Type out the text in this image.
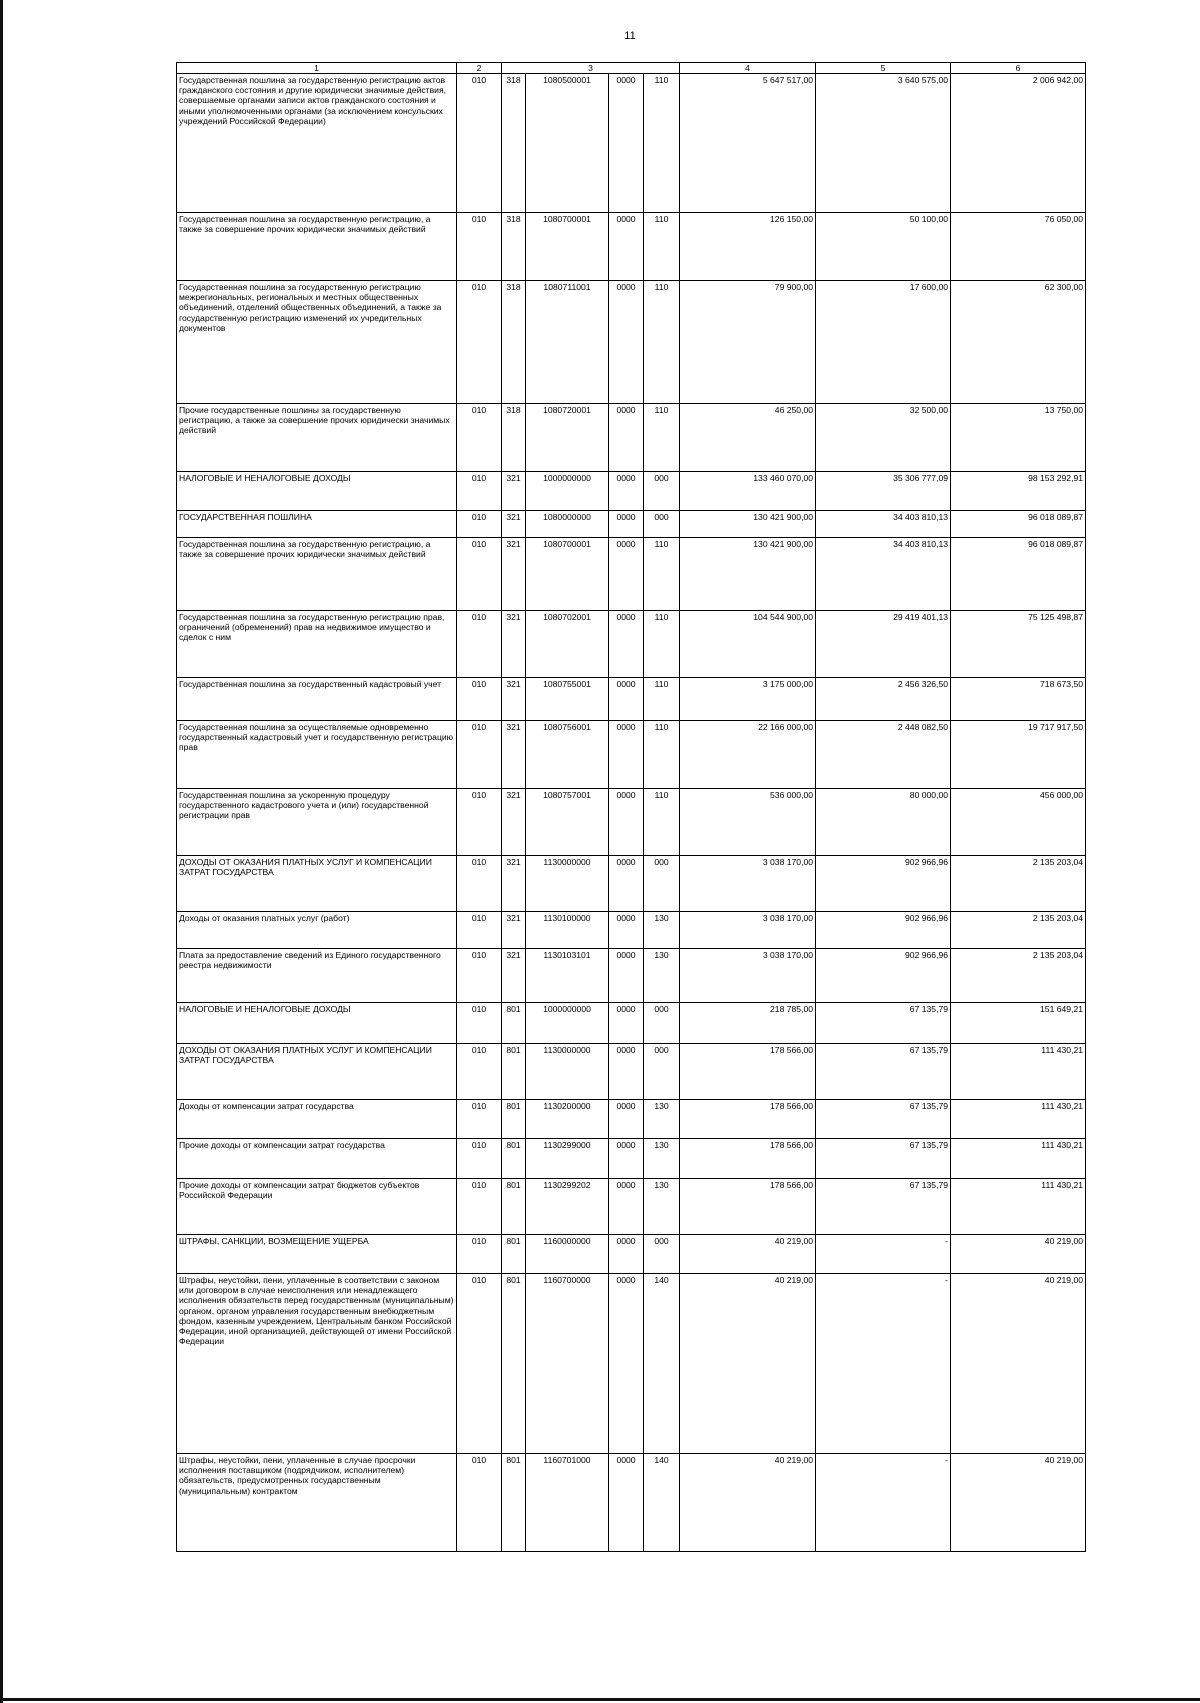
11
1	2	3				4	5	6
Государственная пошлина за государственную регистрацию актов гражданского состояния и другие юридически значимые действия, совершаемые органами записи актов гражданского состояния и иными уполномоченными органами (за исключением консульских учреждений Российской Федерации)	010	318	1080500001	0000	110	5 647 517,00	3 640 575,00	2 006 942,00
Государственная пошлина за государственную регистрацию, а также за совершение прочих юридически значимых действий	010	318	1080700001	0000	110	126 150,00	50 100,00	76 050,00
Государственная пошлина за государственную регистрацию межрегиональных, региональных и местных общественных объединений, отделений общественных объединений, а также за государственную регистрацию изменений их учредительных документов	010	318	1080711001	0000	110	79 900,00	17 600,00	62 300,00
Прочие государственные пошлины за государственную регистрацию, а также за совершение прочих юридически значимых действий	010	318	1080720001	0000	110	46 250,00	32 500,00	13 750,00
НАЛОГОВЫЕ И НЕНАЛОГОВЫЕ ДОХОДЫ	010	321	1000000000	0000	000	133 460 070,00	35 306 777,09	98 153 292,91
ГОСУДАРСТВЕННАЯ ПОШЛИНА	010	321	1080000000	0000	000	130 421 900,00	34 403 810,13	96 018 089,87
Государственная пошлина за государственную регистрацию, а также за совершение прочих юридически значимых действий	010	321	1080700001	0000	110	130 421 900,00	34 403 810,13	96 018 089,87
Государственная пошлина за государственную регистрацию прав, ограничений (обременений) прав на недвижимое имущество и сделок с ним	010	321	1080702001	0000	110	104 544 900,00	29 419 401,13	75 125 498,87
Государственная пошлина за государственный кадастровый учет	010	321	1080755001	0000	110	3 175 000,00	2 456 326,50	718 673,50
Государственная пошлина за осуществляемые одновременно государственный кадастровый учет и государственную регистрацию прав	010	321	1080756001	0000	110	22 166 000,00	2 448 082,50	19 717 917,50
Государственная пошлина за ускоренную процедуру государственного кадастрового учета и (или) государственной регистрации прав	010	321	1080757001	0000	110	536 000,00	80 000,00	456 000,00
ДОХОДЫ ОТ ОКАЗАНИЯ ПЛАТНЫХ УСЛУГ И КОМПЕНСАЦИИ ЗАТРАТ ГОСУДАРСТВА	010	321	1130000000	0000	000	3 038 170,00	902 966,96	2 135 203,04
Доходы от оказания платных услуг (работ)	010	321	1130100000	0000	130	3 038 170,00	902 966,96	2 135 203,04
Плата за предоставление сведений из Единого государственного реестра недвижимости	010	321	1130103101	0000	130	3 038 170,00	902 966,96	2 135 203,04
НАЛОГОВЫЕ И НЕНАЛОГОВЫЕ ДОХОДЫ	010	801	1000000000	0000	000	218 785,00	67 135,79	151 649,21
ДОХОДЫ ОТ ОКАЗАНИЯ ПЛАТНЫХ УСЛУГ И КОМПЕНСАЦИИ ЗАТРАТ ГОСУДАРСТВА	010	801	1130000000	0000	000	178 566,00	67 135,79	111 430,21
Доходы от компенсации затрат государства	010	801	1130200000	0000	130	178 566,00	67 135,79	111 430,21
Прочие доходы от компенсации затрат государства	010	801	1130299000	0000	130	178 566,00	67 135,79	111 430,21
Прочие доходы от компенсации затрат бюджетов субъектов Российской Федерации	010	801	1130299202	0000	130	178 566,00	67 135,79	111 430,21
ШТРАФЫ, САНКЦИИ, ВОЗМЕЩЕНИЕ УЩЕРБА	010	801	1160000000	0000	000	40 219,00	-	40 219,00
Штрафы, неустойки, пени, уплаченные в соответствии с законом или договором в случае неисполнения или ненадлежащего исполнения обязательств перед государственным (муниципальным) органом, органом управления государственным внебюджетным фондом, казенным учреждением, Центральным банком Российской Федерации, иной организацией, действующей от имени Российской Федерации	010	801	1160700000	0000	140	40 219,00	-	40 219,00
Штрафы, неустойки, пени, уплаченные в случае просрочки исполнения поставщиком (подрядчиком, исполнителем) обязательств, предусмотренных государственным (муниципальным) контрактом	010	801	1160701000	0000	140	40 219,00	-	40 219,00
